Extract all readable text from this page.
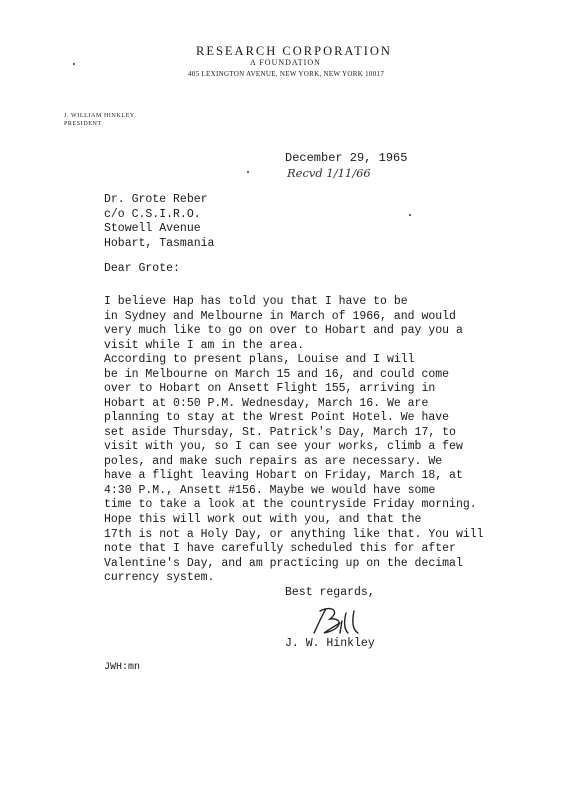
RESEARCH CORPORATION
A FOUNDATION
405 LEXINGTON AVENUE, NEW YORK, NEW YORK 10017
J. WILLIAM HINKLEY
PRESIDENT
December 29, 1965
Recvd 1/11/66
Dr. Grote Reber
c/o C.S.I.R.O.
Stowell Avenue
Hobart, Tasmania
Dear Grote:
I believe Hap has told you that I have to be
in Sydney and Melbourne in March of 1966, and would
very much like to go on over to Hobart and pay you a
visit while I am in the area.
According to present plans, Louise and I will
be in Melbourne on March 15 and 16, and could come
over to Hobart on Ansett Flight 155, arriving in
Hobart at 0:50 P.M. Wednesday, March 16. We are
planning to stay at the Wrest Point Hotel. We have
set aside Thursday, St. Patrick's Day, March 17, to
visit with you, so I can see your works, climb a few
poles, and make such repairs as are necessary. We
have a flight leaving Hobart on Friday, March 18, at
4:30 P.M., Ansett #156. Maybe we would have some
time to take a look at the countryside Friday morning.
Hope this will work out with you, and that the
17th is not a Holy Day, or anything like that. You will
note that I have carefully scheduled this for after
Valentine's Day, and am practicing up on the decimal
currency system.
Best regards,
J. W. Hinkley
JWH:mn
